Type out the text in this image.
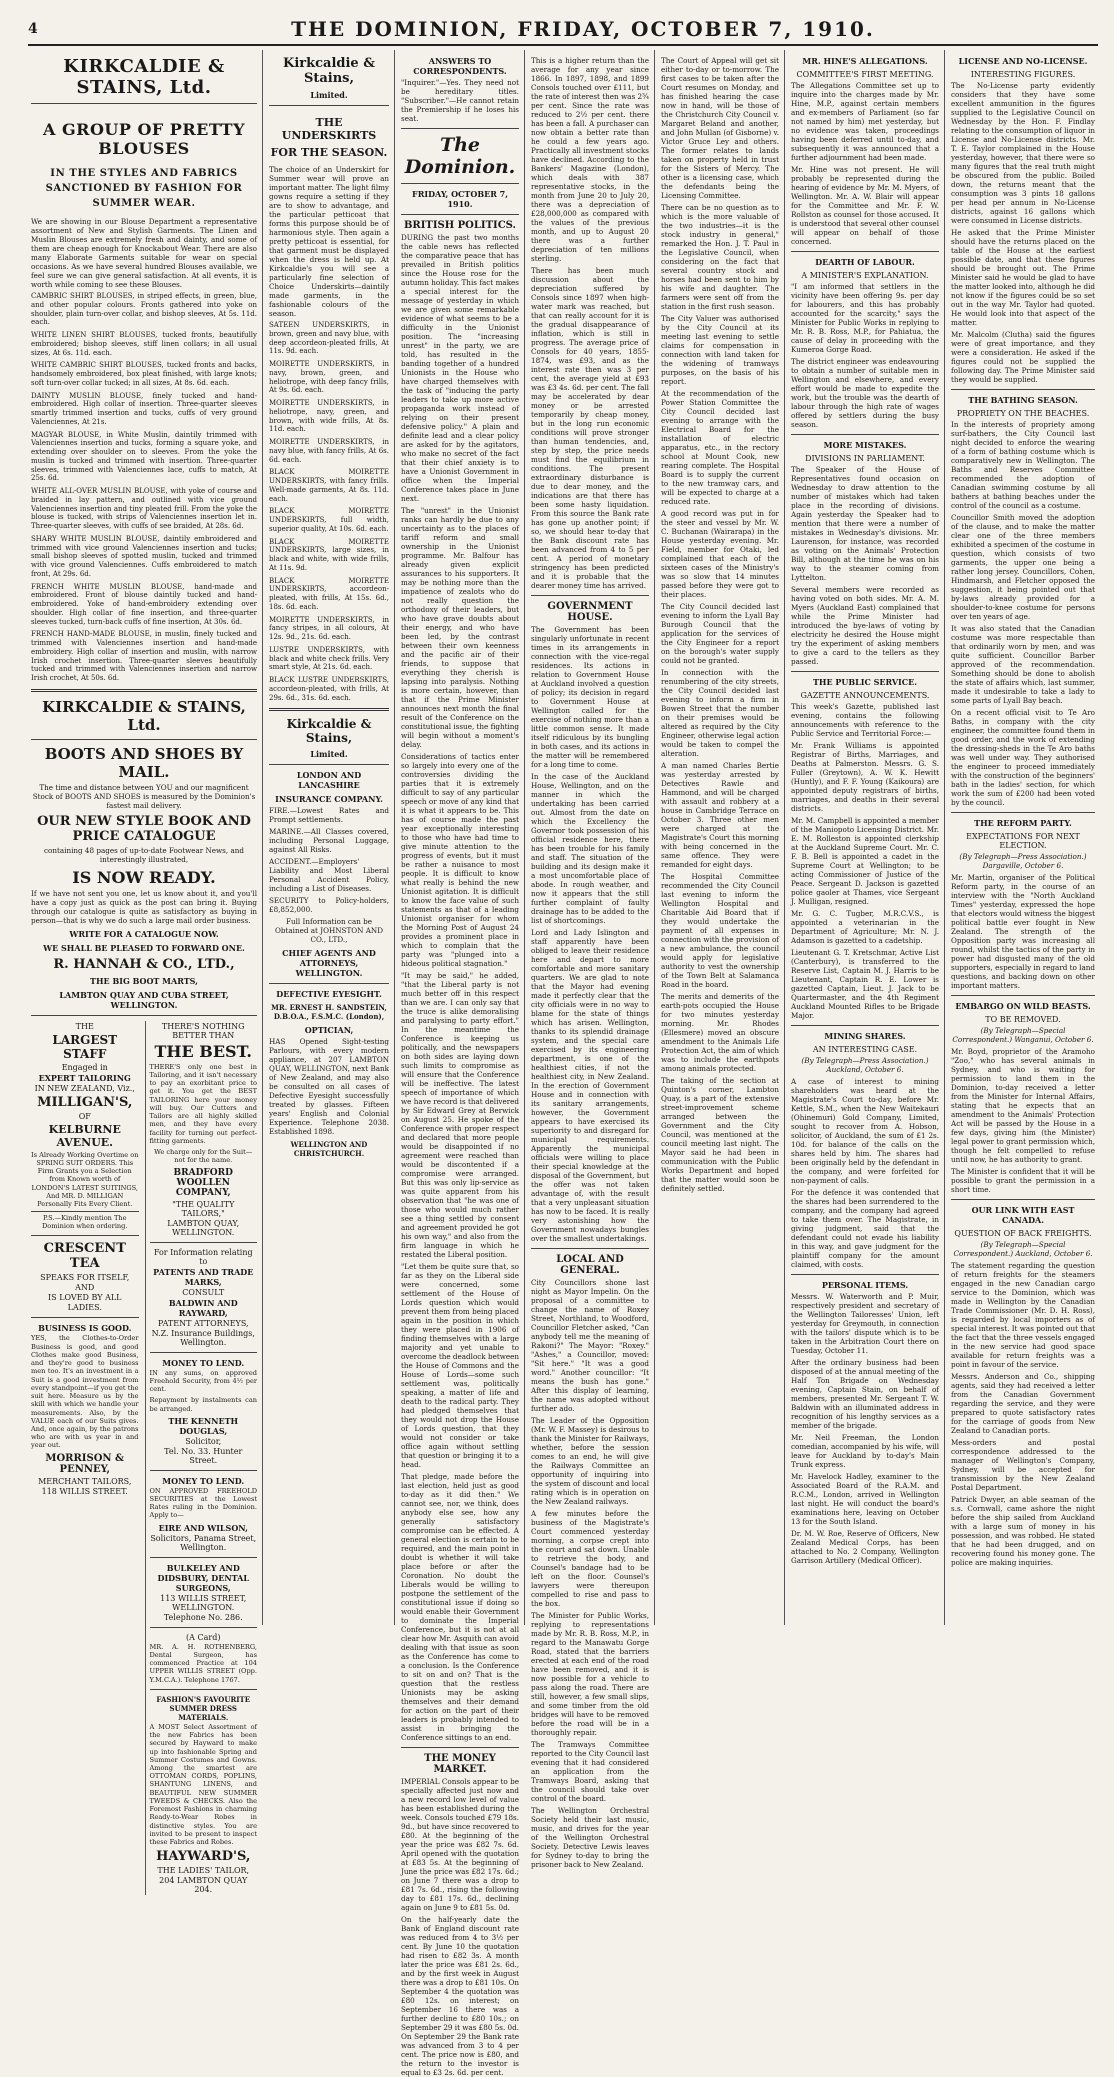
4	THE DOMINION, FRIDAY, OCTOBER 7, 1910.
KIRKCALDIE & STAINS, Ltd.
A GROUP OF PRETTY BLOUSES
IN THE STYLES AND FABRICS
SANCTIONED BY FASHION FOR
SUMMER WEAR.

We are showing in our Blouse Department a representative assortment of New and Stylish Garments. The Linen and Muslin Blouses are extremely fresh and dainty, and some of them are cheap enough for Knockabout Wear. There are also many Elaborate Garments suitable for wear on special occasions. As we have several hundred Blouses available, we feel sure we can give general satisfaction. At all events, it is worth while coming to see these Blouses.

CAMBRIC SHIRT BLOUSES, in striped effects, in green, blue, and other popular colours. Fronts gathered into yoke on shoulder, plain turn-over collar, and bishop sleeves, At 5s. 11d. each.

WHITE LINEN SHIRT BLOUSES, tucked fronts, beautifully embroidered; bishop sleeves, stiff linen collars; in all usual sizes, At 6s. 11d. each.

WHITE CAMBRIC SHIRT BLOUSES, tucked fronts and backs, handsomely embroidered, box pleat finished, with large knots; soft turn-over collar tucked; in all sizes, At 8s. 6d. each.

DAINTY MUSLIN BLOUSE, finely tucked and hand-embroidered. High collar of insertion. Three-quarter sleeves smartly trimmed insertion and tucks, cuffs of very ground Valenciennes, At 21s.

MAGYAR BLOUSE, in White Muslin, daintily trimmed with Valenciennes insertion and tucks, forming a square yoke, and extending over shoulder on to sleeves. From the yoke the muslin is tucked and trimmed with insertion. Three-quarter sleeves, trimmed with Valenciennes lace, cuffs to match, At 25s. 6d.

WHITE ALL-OVER MUSLIN BLOUSE, with yoke of course and braided in lay pattern, and outlined with vice ground Valenciennes insertion and tiny pleated frill. From the yoke the blouse is tucked, with strips of Valenciennes insertion let in. Three-quarter sleeves, with cuffs of see braided, At 28s. 6d.

SHARY WHITE MUSLIN BLOUSE, daintily embroidered and trimmed with vice ground Valenciennes insertion and tucks; small bishop sleeves of spotted muslin, tucked and trimmed with vice ground Valenciennes. Cuffs embroidered to match front, At 29s. 6d.

FRENCH WHITE MUSLIN BLOUSE, hand-made and embroidered. Front of blouse daintily tucked and hand-embroidered. Yoke of hand-embroidery extending over shoulder. High collar of fine insertion, and three-quarter sleeves tucked, turn-back cuffs of fine insertion, At 30s. 6d.

FRENCH HAND-MADE BLOUSE, in muslin, finely tucked and trimmed with Valenciennes insertion and hand-made embroidery. High collar of insertion and muslin, with narrow Irish crochet insertion. Three-quarter sleeves beautifully tucked and trimmed with Valenciennes insertion and narrow Irish crochet, At 50s. 6d.

KIRKCALDIE & STAINS, Ltd.
BOOTS AND SHOES BY MAIL.

The time and distance between YOU and our magnificent Stock of BOOTS AND SHOES is measured by the Dominion's fastest mail delivery.

OUR NEW STYLE BOOK AND PRICE CATALOGUE

containing 48 pages of up-to-date Footwear News, and interestingly illustrated,

IS NOW READY.

If we have not sent you one, let us know about it, and you'll have a copy just as quick as the post can bring it. Buying through our catalogue is quite as satisfactory as buying in person—that is why we do such a large mail order business.

WRITE FOR A CATALOGUE NOW.
WE SHALL BE PLEASED TO FORWARD ONE.
R. HANNAH & CO., LTD.,
THE BIG BOOT MARTS,
LAMBTON QUAY AND CUBA STREET, WELLINGTON.
THE
LARGEST STAFF
Engaged in
EXPERT TAILORING
IN NEW ZEALAND, Viz.,
MILLIGAN'S,
OF
KELBURNE AVENUE.

Is Already Working Overtime on SPRING SUIT ORDERS. This Firm Grants you a Selection from Known worth of LONDON'S LATEST SUITINGS, And MR. D. MILLIGAN Personally Fits Every Client.

P.S.—Kindly mention The Dominion when ordering.
CRESCENT TEA
SPEAKS FOR ITSELF,
AND
IS LOVED BY ALL
LADIES.
BUSINESS IS GOOD.

YES, the Clothes-to-Order Business is good, and good Clothes make good Business, and they're good to business men too. It's an investment in a Suit is a good investment from every standpoint—if you get the suit here. Measure us by the skill with which we handle your measurements. Also, by the VALUE each of our Suits gives. And, once again, by the patrons who are with us year in and year out.

MORRISON & PENNEY,
MERCHANT TAILORS,
118 WILLIS STREET.
THERE'S NOTHING BETTER THAN
THE BEST.

THERE'S only one best in Tailoring, and it isn't necessary to pay an exorbitant price to get it. You get the BEST TAILORING here your money will buy. Our Cutters and Tailors are all highly skilled men, and they have every facility for turning out perfect-fitting garments.

We charge only for the Suit—not for the name.

BRADFORD WOOLLEN COMPANY,
"THE QUALITY TAILORS,"
LAMBTON QUAY, WELLINGTON.
For Information relating to
PATENTS AND TRADE MARKS,
CONSULT
BALDWIN AND RAYWARD,
PATENT ATTORNEYS,
N.Z. Insurance Buildings, Wellington.
MONEY TO LEND.

IN any sums, on approved Freehold Security, from 4½ per cent.

Repayment by instalments can be arranged.

THE KENNETH DOUGLAS,
Solicitor,
Tel. No. 33. Hunter Street.
MONEY TO LEND.

ON APPROVED FREEHOLD SECURITIES at the Lowest Rates ruling in the Dominion. Apply to—

EIRE AND WILSON,
Solicitors, Panama Street, Wellington.
BULKELEY AND DIDSBURY, DENTAL SURGEONS,
113 WILLIS STREET, WELLINGTON.
Telephone No. 286.
(A Card)

MR. A. H. ROTHENBERG, Dental Surgeon, has commenced Practice at 104 UPPER WILLIS STREET (Opp. Y.M.C.A.). Telephone 1767.

FASHION'S FAVOURITE SUMMER DRESS MATERIALS.

A MOST Select Assortment of the new Fabrics has been secured by Hayward to make up into fashionable Spring and Summer Costumes and Gowns. Among the smartest are OTTOMAN CORDS, POPLINS, SHANTUNG LINENS, and BEAUTIFUL NEW SUMMER TWEEDS & CHECKS. Also the Foremost Fashions in charming Ready-to-Wear Robes in distinctive styles. You are invited to be present to inspect these Fabrics and Robes.

HAYWARD'S,
THE LADIES' TAILOR,
204 LAMBTON QUAY 204.
Kirkcaldie & Stains,
Limited.
THE UNDERSKIRTS
FOR THE SEASON.

The choice of an Underskirt for Summer wear will prove an important matter. The light filmy gowns require a setting if they are to show to advantage, and the particular petticoat that forms this purpose should be of harmonious style. Then again a pretty petticoat is essential, for that garment must be displayed when the dress is held up. At Kirkcaldie's you will see a particularly fine selection of Choice Underskirts—daintily made garments, in the fashionable colours of the season.

SATEEN UNDERSKIRTS, in brown, green and navy blue, with deep accordeon-pleated frills, At 11s. 9d. each.

MOIRETTE UNDERSKIRTS, in navy, brown, green, and heliotrope, with deep fancy frills, At 9s. 6d. each.

MOIRETTE UNDERSKIRTS, in heliotrope, navy, green, and brown, with wide frills, At 8s. 11d. each.

MOIRETTE UNDERSKIRTS, in navy blue, with fancy frills, At 6s. 6d. each.

BLACK MOIRETTE UNDERSKIRTS, with fancy frills. Well-made garments, At 8s. 11d. each.

BLACK MOIRETTE UNDERSKIRTS, full width, superior quality, At 10s. 6d. each.

BLACK MOIRETTE UNDERSKIRTS, large sizes, in black and white, with wide frills, At 11s. 9d.

BLACK MOIRETTE UNDERSKIRTS, accordeon-pleated, with frills, At 15s. 6d., 18s. 6d. each.

MOIRETTE UNDERSKIRTS, in fancy stripes, in all colours, At 12s. 9d., 21s. 6d. each.

LUSTRE UNDERSKIRTS, with black and white check frills. Very smart style, At 21s. 6d. each.

BLACK LUSTRE UNDERSKIRTS, accordeon-pleated, with frills, At 29s. 6d., 31s. 6d. each.

Kirkcaldie & Stains,
Limited.
LONDON AND LANCASHIRE
INSURANCE COMPANY.

FIRE.—Lowest Rates and Prompt settlements.

MARINE.—All Classes covered, including Personal Luggage, against All Risks.

ACCIDENT.—Employers' Liability and Most Liberal Personal Accident Policy, including a List of Diseases.

SECURITY to Policy-holders, £8,852,000.

Full Information can be Obtained at JOHNSTON AND CO., LTD.,

CHIEF AGENTS AND ATTORNEYS, WELLINGTON.
DEFECTIVE EYESIGHT.
MR. ERNEST H. SANDSTEIN, D.B.O.A., F.S.M.C. (London),
OPTICIAN,

HAS Opened Sight-testing Parlours, with every modern appliance, at 207 LAMBTON QUAY, WELLINGTON, next Bank of New Zealand, and may also be consulted on all cases of Defective Eyesight successfully treated by glasses. Fifteen years' English and Colonial Experience. Telephone 2038. Established 1898.

WELLINGTON AND CHRISTCHURCH.
ANSWERS TO CORRESPONDENTS.

"Inquirer."—Yes. They need not be hereditary titles. "Subscriber."—He cannot retain the Premiership if he loses his seat.

The Dominion.
FRIDAY, OCTOBER 7, 1910.
BRITISH POLITICS.

DURING the past two months the cable news has reflected the comparative peace that has prevailed in British politics since the House rose for the autumn holiday. This fact makes a special interest for the message of yesterday in which we are given some remarkable evidence of what seems to be a difficulty in the Unionist position. The "increasing unrest" in the party, we are told, has resulted in the banding together of a hundred Unionists in the House who have charged themselves with the task of "inducing the party leaders to take up more active propaganda work instead of relying on their present defensive policy." A plain and definite lead and a clear policy are asked for by the agitators, who make no secret of the fact that their chief anxiety is to have a Unionist Government in office when the Imperial Conference takes place in June next.

The "unrest" in the Unionist ranks can hardly be due to any uncertainty as to the places of tariff reform and small ownership in the Unionist programme. Mr. Balfour has already given explicit assurances to his supporters. It may be nothing more than the impatience of zealots who do not really question the orthodoxy of their leaders, but who have grave doubts about their energy, and who have been led, by the contrast between their own keenness and the pacific air of their friends, to suppose that everything they cherish is lapsing into paralysis. Nothing is more certain, however, than that if the Prime Minister announces next month the final result of the Conference on the constitutional issue, the fighting will begin without a moment's delay.

Considerations of tactics enter so largely into every one of the controversies dividing the parties that it is extremely difficult to say of any particular speech or move of any kind that it is what it appears to be. This has of course made the past year exceptionally interesting to those who have had time to give minute attention to the progress of events, but it must be rather a nuisance to most people. It is difficult to know what really is behind the new Unionist agitation. It is difficult to know the face value of such statements as that of a leading Unionist organiser for whom the Morning Post of August 24 provides a prominent place in which to complain that the party was "plunged into a hideous political stagnation."

"It may be said," he added, "that the Liberal party is not much better off in this respect than we are. I can only say that the truce is alike demoralising and paralysing to party effort." In the meantime the Conference is keeping us politically, and the newspapers on both sides are laying down such limits to compromise as will ensure that the Conference will be ineffective. The latest speech of importance of which we have record is that delivered by Sir Edward Grey at Berwick on August 25. He spoke of the Conference with proper respect and declared that more people would be disappointed if no agreement were reached than would be discontented if a compromise were arranged. But this was only lip-service as was quite apparent from his observation that "he was one of those who would much rather see a thing settled by consent and agreement provided he got his own way," and also from the firm language in which he restated the Liberal position.

"Let them be quite sure that, so far as they on the Liberal side were concerned, some settlement of the House of Lords question which would prevent them from being placed again in the position in which they were placed in 1906 of finding themselves with a large majority and yet unable to overcome the deadlock between the House of Commons and the House of Lords—some such settlement was, politically speaking, a matter of life and death to the radical party. They had pledged themselves that they would not drop the House of Lords question, that they would not consider or take office again without settling that question or bringing it to a head.

That pledge, made before the last election, held just as good to-day as it did then." We cannot see, nor, we think, does anybody else see, how any generally satisfactory compromise can be effected. A general election is certain to be required, and the main point in doubt is whether it will take place before or after the Coronation. No doubt the Liberals would be willing to postpone the settlement of the constitutional issue if doing so would enable their Government to dominate the Imperial Conference, but it is not at all clear how Mr. Asquith can avoid dealing with that issue as soon as the Conference has come to a conclusion. Is the Conference to sit on and on? That is the question that the restless Unionists may be asking themselves and their demand for action on the part of their leaders is probably intended to assist in bringing the Conference sittings to an end.

THE MONEY MARKET.

IMPERIAL Consols appear to be specially affected just now and a new record low level of value has been established during the week. Consols touched £79 18s. 9d., but have since recovered to £80. At the beginning of the year the price was £82 7s. 6d. April opened with the quotation at £83 5s. At the beginning of June the price was £82 17s. 6d.; on June 7 there was a drop to £81 7s. 6d., rising the following day to £81 17s. 6d., declining again on June 9 to £81 5s. 0d.

On the half-yearly date the Bank of England discount rate was reduced from 4 to 3½ per cent. By June 10 the quotation had risen to £82 3s. A month later the price was £81 2s. 6d., and by the first week in August there was a drop to £81 10s. On September 4 the quotation was £80 12s. on interest; on September 16 there was a further decline to £80 10s.; on September 29 it was £80 5s. 0d. On September 29 the Bank rate was advanced from 3 to 4 per cent. The price now is £80, and the return to the investor is equal to £3 2s. 6d. per cent.

This is a higher return than the average for any year since 1866. In 1897, 1898, and 1899 Consols touched over £111, but the rate of interest then was 2¾ per cent. Since the rate was reduced to 2½ per cent. there has been a fall. A purchaser can now obtain a better rate than he could a few years ago. Practically all investment stocks have declined. According to the Bankers' Magazine (London), which deals with 387 representative stocks, in the month from June 20 to July 20, there was a depreciation of £28,000,000 as compared with the values of the previous month, and up to August 20 there was a further depreciation of ten millions sterling.

There has been much discussion about the depreciation suffered by Consols since 1897 when high-water mark was reached, but that can really account for it is the gradual disappearance of inflation, which is still in progress. The average price of Consols for 40 years, 1855-1874, was £93, and as the interest rate then was 3 per cent, the average yield at £93 was £3 4s. 6d. per cent. The fall may be accelerated by dear money or be arrested temporarily by cheap money, but in the long run economic conditions will prove stronger than human tendencies, and, step by step, the price needs must find the equilibrium in conditions. The present extraordinary disturbance is due to dear money, and the indications are that there has been some hasty liquidation. From this source the Bank rate has gone up another point; if so, we should hear to-day that the Bank discount rate has been advanced from 4 to 5 per cent. A period of monetary stringency has been predicted and it is probable that the dearer money time has arrived.

GOVERNMENT HOUSE.

The Government has been singularly unfortunate in recent times in its arrangements in connection with the vice-regal residences. Its actions in relation to Government House at Auckland involved a question of policy; its decision in regard to Government House at Wellington called for the exercise of nothing more than a little common sense. It made itself ridiculous by its bungling in both cases, and its actions in the matter will be remembered for a long time to come.

In the case of the Auckland House, Wellington, and on the manner in which the undertaking has been carried out. Almost from the date on which the Excellency the Governor took possession of his official residence here, there has been trouble for his family and staff. The situation of the building and its design make it a most uncomfortable place of abode. In rough weather, and now it appears that the still further complaint of faulty drainage has to be added to the list of shortcomings.

Lord and Lady Islington and staff apparently have been obliged to leave their residence here and depart to more comfortable and more sanitary quarters. We are glad to note that the Mayor had evening made it perfectly clear that the city officials were in no way to blame for the state of things which has arisen. Wellington, thanks to its splendid drainage system, and the special care exercised by its engineering department, is one of the healthiest cities, if not the healthiest city, in New Zealand. In the erection of Government House and in connection with its sanitary arrangements, however, the Government appears to have exercised its superiority to and disregard for municipal requirements. Apparently the municipal officials were willing to place their special knowledge at the disposal of the Government, but the offer was not taken advantage of, with the result that a very unpleasant situation has now to be faced. It is really very astonishing how the Government nowadays bungles over the smallest undertakings.

LOCAL AND GENERAL.

City Councillors shone last night as Mayor Impelin. On the proposal of a committee to change the name of Roxey Street, Northland, to Woodford, Councillor Fletcher asked, "Can anybody tell me the meaning of Rakoni?" The Mayor: "Roxey." "Ashes," a Councillor, moved: "Sit here." "It was a good word." Another councillor: "It means the bush has gone." After this display of learning, the name was adopted without further ado.

The Leader of the Opposition (Mr. W. F. Massey) is desirous to thank the Minister for Railways, whether, before the session comes to an end, he will give the Railways Committee an opportunity of inquiring into the system of discount and local rating which is in operation on the New Zealand railways.

A few minutes before the business of the Magistrate's Court commenced yesterday morning, a corpse crept into the court and sat down. Unable to retrieve the body, and Counsel's bandage had to be left on the floor. Counsel's lawyers were thereupon compelled to rise and pass to the box.

The Minister for Public Works, replying to representations made by Mr. R. B. Ross, M.P., in regard to the Manawatu Gorge Road, stated that the barriers erected at each end of the road have been removed, and it is now possible for a vehicle to pass along the road. There are still, however, a few small slips, and some timber from the old bridges will have to be removed before the road will be in a thoroughly repair.

The Tramways Committee reported to the City Council last evening that it had considered an application from the Tramways Board, asking that the council should take over control of the board.

The Wellington Orchestral Society held their last music, music, and drives for the year of the Wellington Orchestral Society. Detective Lewis leaves for Sydney to-day to bring the prisoner back to New Zealand.

The Court of Appeal will get sit either to-day or to-morrow. The first cases to be taken after the Court resumes on Monday, and has finished hearing the case now in hand, will be those of the Christchurch City Council v. Margaret Beland and another, and John Mullan (of Gisborne) v. Victor Gruce Ley and others. The former relates to lands taken on property held in trust for the Sisters of Mercy. The other is a licensing case, which the defendants being the Licensing Committee.

There can be no question as to which is the more valuable of the two industries—it is the stock industry in general," remarked the Hon. J. T. Paul in the Legislative Council, when considering on the fact that several country stock and horses had been sent to him by his wife and daughter. The farmers were sent off from the station in the first rush season.

The City Valuer was authorised by the City Council at its meeting last evening to settle claims for compensation in connection with land taken for the widening of tramways purposes, on the basis of his report.

At the recommendation of the Power Station Committee the City Council decided last evening to arrange with the Electrical Board for the installation of electric apparatus, etc., in the rectory school at Mount Cook, new rearing complete. The Hospital Board is to supply the current to the new tramway cars, and will be expected to charge at a reduced rate.

A good record was put in for the steer and vessel by Mr. W. C. Buchanan (Wairarapa) in the House yesterday evening. Mr. Field, member for Otaki, led complained that each of the sixteen cases of the Ministry's was so slow that 14 minutes passed before they were got to their places.

The City Council decided last evening to inform the Lyall Bay Burough Council that the application for the services of the City Engineer for a report on the borough's water supply could not be granted.

In connection with the renumbering of the city streets, the City Council decided last evening to inform a firm in Bowen Street that the number on their premises would be altered as required by the City Engineer, otherwise legal action would be taken to compel the alteration.

A man named Charles Bertie was yesterday arrested by Detectives Rawle and Hammond, and will be charged with assault and robbery at a house in Cambridge Terrace on October 3. Three other men were charged at the Magistrate's Court this morning with being concerned in the same offence. They were remanded for eight days.

The Hospital Committee recommended the City Council last evening to inform the Wellington Hospital and Charitable Aid Board that if they would undertake the payment of all expenses in connection with the provision of a new ambulance, the council would apply for legislative authority to vest the ownership of the Town Belt at Salamanca Road in the board.

The merits and demerits of the earth-pots occupied the House for two minutes yesterday morning. Mr. Rhodes (Ellesmere) moved an obscure amendment to the Animals Life Protection Act, the aim of which was to include the earthpots among animals protected.

The taking of the section at Quinton's corner, Lambton Quay, is a part of the extensive street-improvement scheme arranged between the Government and the City Council, was mentioned at the council meeting last night. The Mayor said he had been in communication with the Public Works Department and hoped that the matter would soon be definitely settled.

MR. HINE'S ALLEGATIONS.
COMMITTEE'S FIRST MEETING.

The Allegations Committee set up to inquire into the charges made by Mr. Hine, M.P., against certain members and ex-members of Parliament (so far not named by him) met yesterday, but no evidence was taken, proceedings having been deferred until to-day, and subsequently it was announced that a further adjournment had been made.

Mr. Hine was not present. He will probably be represented during the hearing of evidence by Mr. M. Myers, of Wellington. Mr. A. W. Blair will appear for the Committee and Mr. F. W. Rollston as counsel for those accused. It is understood that several other counsel will appear on behalf of those concerned.

DEARTH OF LABOUR.
A MINISTER'S EXPLANATION.

"I am informed that settlers in the vicinity have been offering 9s. per day for labourers, and this has probably accounted for the scarcity," says the Minister for Public Works in replying to Mr. R. B. Ross, M.P., for Pahiatua, the cause of delay in proceeding with the Kumeroa Gorge Road.

The district engineer was endeavouring to obtain a number of suitable men in Wellington and elsewhere, and every effort would be made to expedite the work, but the trouble was the dearth of labour through the high rate of wages offered by settlers during the busy season.

MORE MISTAKES.
DIVISIONS IN PARLIAMENT.

The Speaker of the House of Representatives found occasion on Wednesday to draw attention to the number of mistakes which had taken place in the recording of divisions. Again yesterday the Speaker had to mention that there were a number of mistakes in Wednesday's divisions. Mr. Laurenson, for instance, was recorded as voting on the Animals' Protection Bill, although at the time he was on his way to the steamer coming from Lyttelton.

Several members were recorded as having voted on both sides. Mr. A. M. Myers (Auckland East) complained that while the Prime Minister had introduced the bye-laws of voting by electricity he desired the House might try the experiment of asking members to give a card to the tellers as they passed.

THE PUBLIC SERVICE.
GAZETTE ANNOUNCEMENTS.

This week's Gazette, published last evening, contains the following announcements with reference to the Public Service and Territorial Force:—

Mr. Frank Williams is appointed Registrar of Births, Marriages, and Deaths at Palmerston. Messrs. G. S. Fuller (Greytown), A. W. K. Hewitt (Huntly), and F. F. Young (Kaikoura) are appointed deputy registrars of births, marriages, and deaths in their several districts.

Mr. M. Campbell is appointed a member of the Maniopoto Licensing District. Mr. E. M. Rolleston is appointed clerkship at the Auckland Supreme Court. Mr. C. F. B. Bell is appointed a cadet in the Supreme Court at Wellington; to be acting Commissioner of Justice of the Peace. Sergeant D. Jackson is gazetted police gaoler at Thames, vice Sergeant J. Mulligan, resigned.

Mr. G. C. Tugber, M.R.C.V.S., is appointed a veterinarian in the Department of Agriculture; Mr. N. J. Adamson is gazetted to a cadetship.

Lieutenant G. T. Kretschmar, Active List (Canterbury), is transferred to the Reserve List, Captain M. J. Harris to be Lieutenant, Captain R. E. Lower is gazetted Captain, Lieut. J. Jack to be Quartermaster, and the 4th Regiment Auckland Mounted Rifles to be Brigade Major.

MINING SHARES.
AN INTERESTING CASE.

(By Telegraph—Press Association.) Auckland, October 6.

A case of interest to mining shareholders was heard at the Magistrate's Court to-day, before Mr. Kettle, S.M., when the New Waitekauri (Ohinemuri) Gold Company, Limited, sought to recover from A. Hobson, solicitor, of Auckland, the sum of £1 2s. 10d. for balance of the calls on the shares held by him. The shares had been originally held by the defendant in the company, and were forfeited for non-payment of calls.

For the defence it was contended that the shares had been surrendered to the company, and the company had agreed to take them over. The Magistrate, in giving judgment, said that the defendant could not evade his liability in this way, and gave judgment for the plaintiff company for the amount claimed, with costs.

PERSONAL ITEMS.

Messrs. W. Waterworth and P. Muir, respectively president and secretary of the Wellington Tailoresses' Union, left yesterday for Greymouth, in connection with the tailors' dispute which is to be taken in the Arbitration Court there on Tuesday, October 11.

After the ordinary business had been disposed of at the annual meeting of the Half Ton Brigade on Wednesday evening, Captain Stain, on behalf of members, presented Mr. Sergeant T. W. Baldwin with an illuminated address in recognition of his lengthy services as a member of the brigade.

Mr. Neil Freeman, the London comedian, accompanied by his wife, will leave for Auckland by to-day's Main Trunk express.

Mr. Havelock Hadley, examiner to the Associated Board of the R.A.M. and R.C.M., London, arrived in Wellington last night. He will conduct the board's examinations here, leaving on October 13 for the South Island.

Dr. M. W. Roe, Reserve of Officers, New Zealand Medical Corps, has been attached to No. 2 Company, Wellington Garrison Artillery (Medical Officer).

LICENSE AND NO-LICENSE.
INTERESTING FIGURES.

The No-License party evidently considers that they have some excellent ammunition in the figures supplied to the Legislative Council on Wednesday by the Hon. F. Findlay relating to the consumption of liquor in License and No-License districts. Mr. T. E. Taylor complained in the House yesterday, however, that there were so many figures that the real truth might be obscured from the public. Boiled down, the returns meant that the consumption was 3 pints 18 gallons per head per annum in No-License districts, against 16 gallons which were consumed in License districts.

He asked that the Prime Minister should have the returns placed on the table of the House at the earliest possible date, and that these figures should be brought out. The Prime Minister said he would be glad to have the matter looked into, although he did not know if the figures could be so set out in the way Mr. Taylor had quoted. He would look into that aspect of the matter.

Mr. Malcolm (Clutha) said the figures were of great importance, and they were a consideration. He asked if the figures could not be supplied the following day. The Prime Minister said they would be supplied.

THE BATHING SEASON.
PROPRIETY ON THE BEACHES.

In the interests of propriety among surf-bathers, the City Council last night decided to enforce the wearing of a form of bathing costume which is comparatively new in Wellington. The Baths and Reserves Committee recommended the adoption of Canadian swimming costume by all bathers at bathing beaches under the control of the council as a costume.

Councillor Smith moved the adoption of the clause, and to make the matter clear one of the three members exhibited a specimen of the costume in question, which consists of two garments, the upper one being a rather long jersey. Councillors, Cohen, Hindmarsh, and Fletcher opposed the suggestion, it being pointed out that by-laws already provided for a shoulder-to-knee costume for persons over ten years of age.

It was also stated that the Canadian costume was more respectable than that ordinarily worn by men, and was quite sufficient. Councillor Barber approved of the recommendation. Something should be done to abolish the state of affairs which, last summer, made it undesirable to take a lady to some parts of Lyall Bay beach.

On a recent official visit to Te Aro Baths, in company with the city engineer, the committee found them in good order, and the work of extending the dressing-sheds in the Te Aro baths was well under way. They authorised the engineer to proceed immediately with the construction of the beginners' bath in the ladies' section, for which work the sum of £200 had been voted by the council.

THE REFORM PARTY.
EXPECTATIONS FOR NEXT ELECTION.

(By Telegraph—Press Association.) Dargaville, October 6.

Mr. Martin, organiser of the Political Reform party, in the course of an interview with the "North Auckland Times" yesterday, expressed the hope that electors would witness the biggest political battle ever fought in New Zealand. The strength of the Opposition party was increasing all round, whilst the tactics of the party in power had disgusted many of the old supporters, especially in regard to land questions, and backing down on other important matters.

EMBARGO ON WILD BEASTS.
TO BE REMOVED.

(By Telegraph—Special Correspondent.) Wanganui, October 6.

Mr. Boyd, proprietor of the Aramoho "Zoo," who has several animals in Sydney, and who is waiting for permission to land them in the Dominion, to-day received a letter from the Minister for Internal Affairs, stating that he expects that an amendment to the Animals' Protection Act will be passed by the House in a few days, giving him (the Minister) legal power to grant permission which, though he felt compelled to refuse until now, he has authority to grant.

The Minister is confident that it will be possible to grant the permission in a short time.

OUR LINK WITH EAST CANADA.
QUESTION OF BACK FREIGHTS.

(By Telegraph—Special Correspondent.) Auckland, October 6.

The statement regarding the question of return freights for the steamers engaged in the new Canadian cargo service to the Dominion, which was made in Wellington by the Canadian Trade Commissioner (Mr. D. H. Ross), is regarded by local importers as of special interest. It was pointed out that the fact that the three vessels engaged in the new service had good space available for return freights was a point in favour of the service.

Messrs. Anderson and Co., shipping agents, said they had received a letter from the Canadian Government regarding the service, and they were prepared to quote satisfactory rates for the carriage of goods from New Zealand to Canadian ports.

Mess-orders and postal correspondence addressed to the manager of Wellington's Company, Sydney, will be accepted for transmission by the New Zealand Postal Department.

Patrick Dwyer, an able seaman of the s.s. Cornwall, came ashore the night before the ship sailed from Auckland with a large sum of money in his possession, and was robbed. He stated that he had been drugged, and on recovering found his money gone. The police are making inquiries.
